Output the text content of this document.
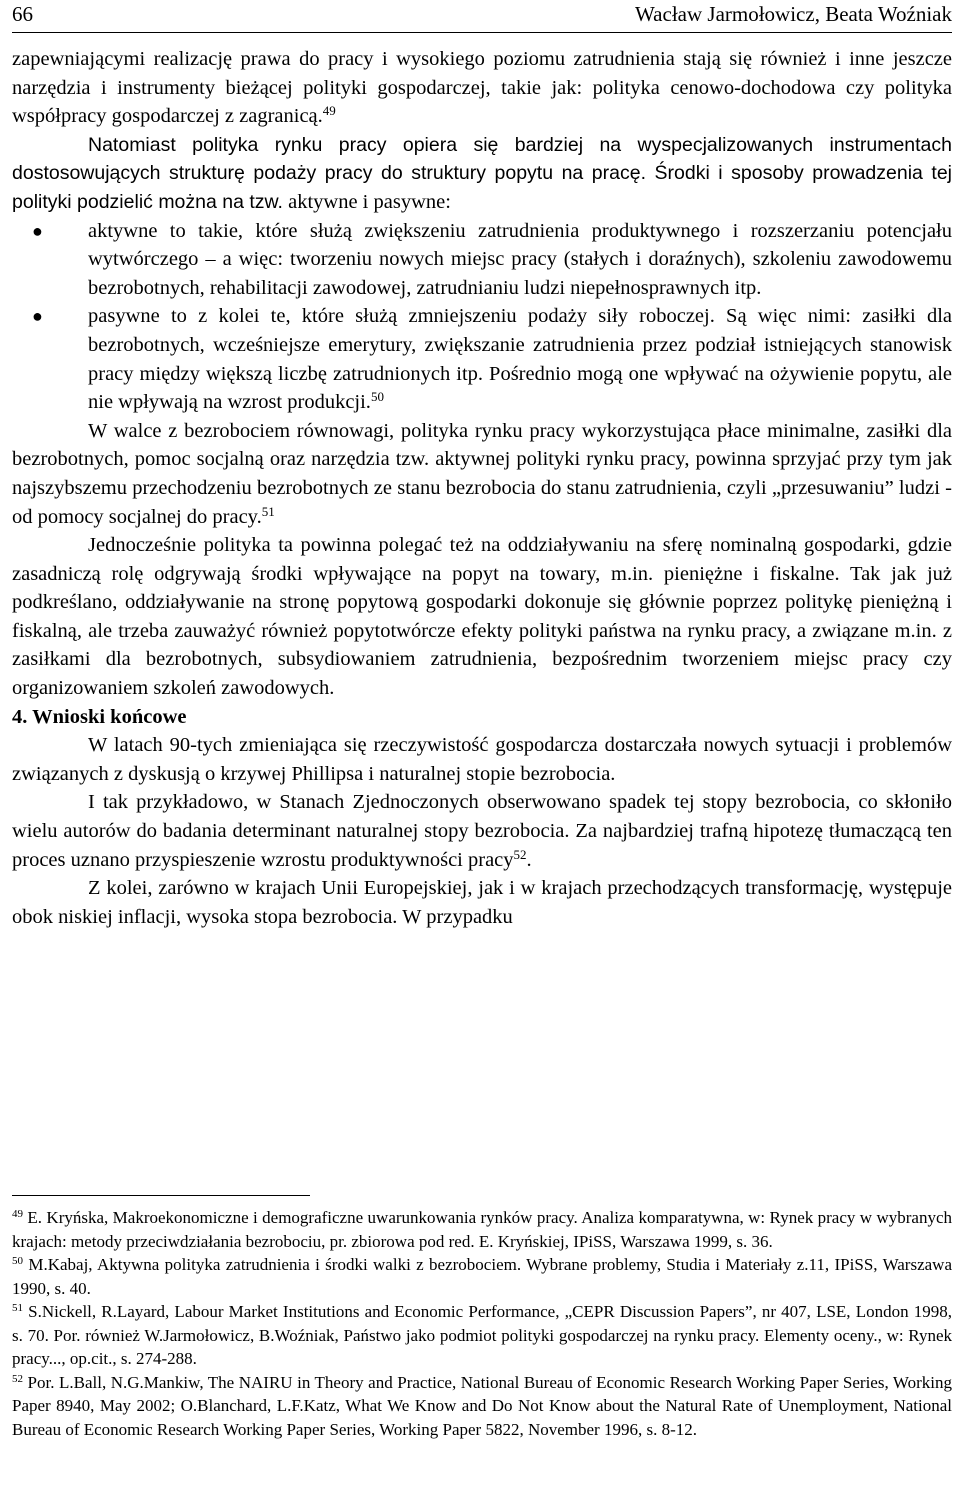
66	Wacław Jarmołowicz, Beata Woźniak

zapewniającymi realizację prawa do pracy i wysokiego poziomu zatrudnienia stają się również i inne jeszcze narzędzia i instrumenty bieżącej polityki gospodarczej, takie jak: polityka cenowo-dochodowa czy polityka współpracy gospodarczej z zagranicą.$^{49}$

Natomiast polityka rynku pracy opiera się bardziej na wyspecjalizowanych instrumentach dostosowujących strukturę podaży pracy do struktury popytu na pracę. Środki i sposoby prowadzenia tej polityki podzielić można na tzw. aktywne i pasywne:

● aktywne to takie, które służą zwiększeniu zatrudnienia produktywnego i rozszerzaniu potencjału wytwórczego – a więc: tworzeniu nowych miejsc pracy (stałych i doraźnych), szkoleniu zawodowemu bezrobotnych, rehabilitacji zawodowej, zatrudnianiu ludzi niepełnosprawnych itp.
● pasywne to z kolei te, które służą zmniejszeniu podaży siły roboczej. Są więc nimi: zasiłki dla bezrobotnych, wcześniejsze emerytury, zwiększanie zatrudnienia przez podział istniejących stanowisk pracy między większą liczbę zatrudnionych itp. Pośrednio mogą one wpływać na ożywienie popytu, ale nie wpływają na wzrost produkcji.$^{50}$

W walce z bezrobociem równowagi, polityka rynku pracy wykorzystująca płace minimalne, zasiłki dla bezrobotnych, pomoc socjalną oraz narzędzia tzw. aktywnej polityki rynku pracy, powinna sprzyjać przy tym jak najszybszemu przechodzeniu bezrobotnych ze stanu bezrobocia do stanu zatrudnienia, czyli „przesuwaniu” ludzi - od pomocy socjalnej do pracy.$^{51}$

Jednocześnie polityka ta powinna polegać też na oddziaływaniu na sferę nominalną gospodarki, gdzie zasadniczą rolę odgrywają środki wpływające na popyt na towary, m.in. pieniężne i fiskalne. Tak jak już podkreślano, oddziaływanie na stronę popytową gospodarki dokonuje się głównie poprzez politykę pieniężną i fiskalną, ale trzeba zauważyć również popytotwórcze efekty polityki państwa na rynku pracy, a związane m.in. z zasiłkami dla bezrobotnych, subsydiowaniem zatrudnienia, bezpośrednim tworzeniem miejsc pracy czy organizowaniem szkoleń zawodowych.

4. Wnioski końcowe

W latach 90-tych zmieniająca się rzeczywistość gospodarcza dostarczała nowych sytuacji i problemów związanych z dyskusją o krzywej Phillipsa i naturalnej stopie bezrobocia.

I tak przykładowo, w Stanach Zjednoczonych obserwowano spadek tej stopy bezrobocia, co skłoniło wielu autorów do badania determinant naturalnej stopy bezrobocia. Za najbardziej trafną hipotezę tłumaczącą ten proces uznano przyspieszenie wzrostu produktywności pracy$^{52}$.

Z kolei, zarówno w krajach Unii Europejskiej, jak i w krajach przechodzących transformację, występuje obok niskiej inflacji, wysoka stopa bezrobocia. W przypadku

$^{49}$ E. Kryńska, Makroekonomiczne i demograficzne uwarunkowania rynków pracy. Analiza komparatywna, w: Rynek pracy w wybranych krajach: metody przeciwdziałania bezrobociu, pr. zbiorowa pod red. E. Kryńskiej, IPiSS, Warszawa 1999, s. 36.

$^{50}$ M.Kabaj, Aktywna polityka zatrudnienia i środki walki z bezrobociem. Wybrane problemy, Studia i Materiały z.11, IPiSS, Warszawa 1990, s. 40.

$^{51}$ S.Nickell, R.Layard, Labour Market Institutions and Economic Performance, „CEPR Discussion Papers”, nr 407, LSE, London 1998, s. 70. Por. również W.Jarmołowicz, B.Woźniak, Państwo jako podmiot polityki gospodarczej na rynku pracy. Elementy oceny., w: Rynek pracy..., op.cit., s. 274-288.

$^{52}$ Por. L.Ball, N.G.Mankiw, The NAIRU in Theory and Practice, National Bureau of Economic Research Working Paper Series, Working Paper 8940, May 2002; O.Blanchard, L.F.Katz, What We Know and Do Not Know about the Natural Rate of Unemployment, National Bureau of Economic Research Working Paper Series, Working Paper 5822, November 1996, s. 8-12.
